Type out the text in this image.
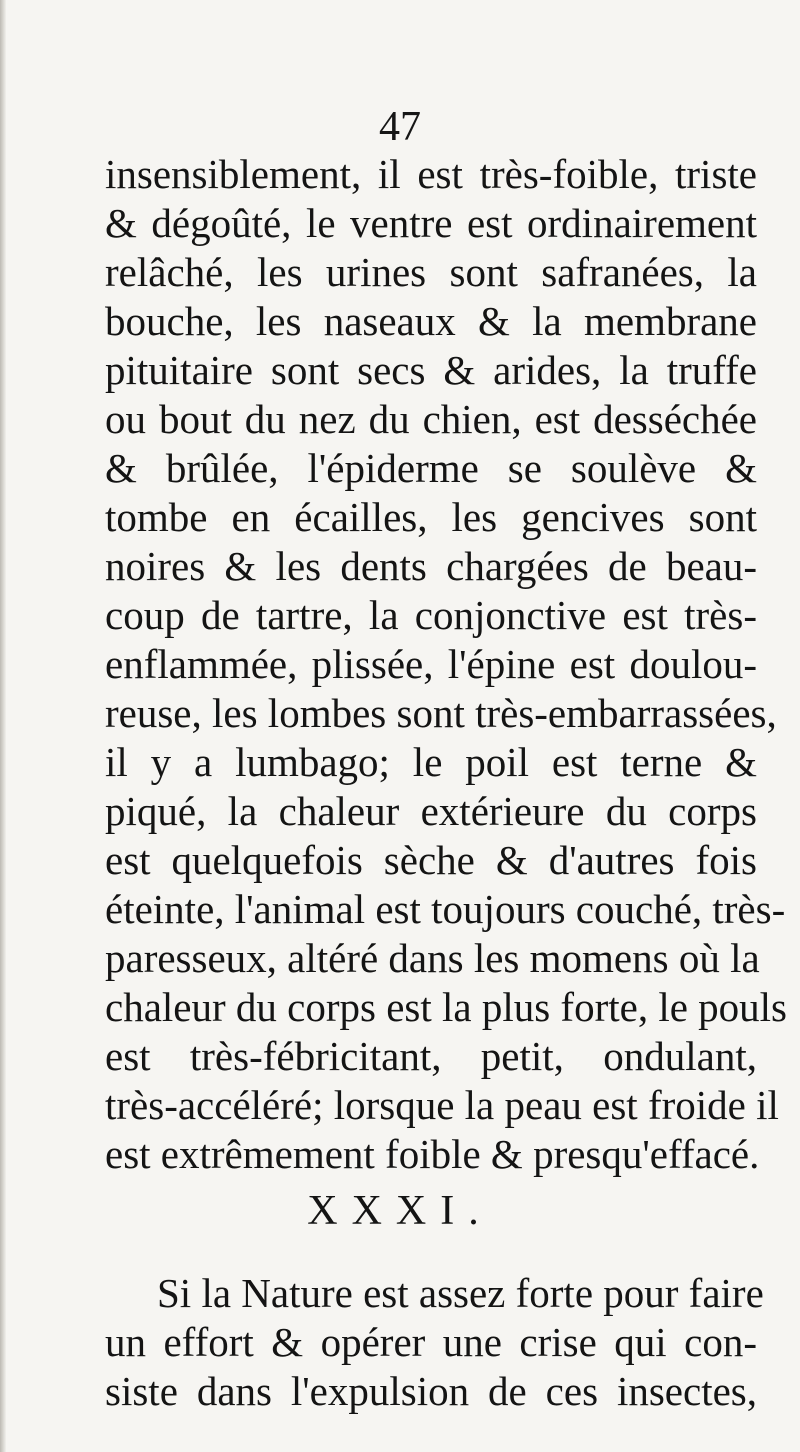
47
insensiblement, il est très-foible, triste
& dégoûté, le ventre est ordinairement
relâché, les urines sont safranées, la
bouche, les naseaux & la membrane
pituitaire sont secs & arides, la truffe
ou bout du nez du chien, est desséchée
& brûlée, l'épiderme se soulève &
tombe en écailles, les gencives sont
noires & les dents chargées de beau-
coup de tartre, la conjonctive est très-
enflammée, plissée, l'épine est doulou-
reuse, les lombes sont très-embarrassées,
il y a lumbago; le poil est terne &
piqué, la chaleur extérieure du corps
est quelquefois sèche & d'autres fois
éteinte, l'animal est toujours couché, très-
paresseux, altéré dans les momens où la
chaleur du corps est la plus forte, le pouls
est très-fébricitant, petit, ondulant,
très-accéléré; lorsque la peau est froide il
est extrêmement foible & presqu'effacé.
XXXI.
Si la Nature est assez forte pour faire
un effort & opérer une crise qui con-
siste dans l'expulsion de ces insectes,
